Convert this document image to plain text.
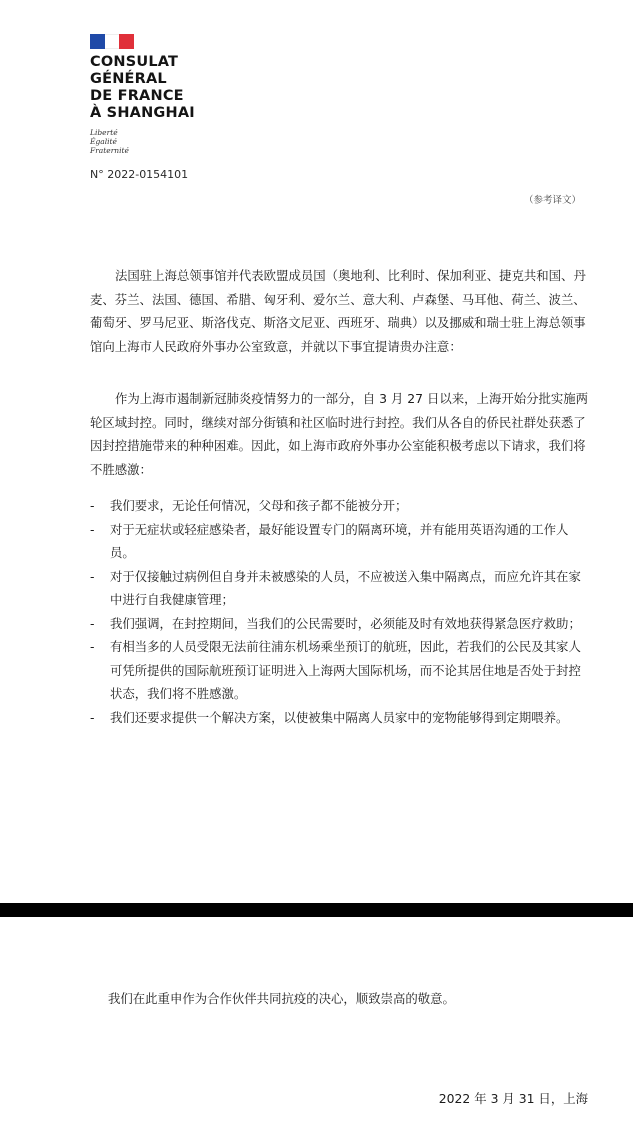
CONSULAT
GÉNÉRAL
DE FRANCE
À SHANGHAI
Liberté
Égalité
Fraternité
N° 2022-0154101
（参考译文）
法国驻上海总领事馆并代表欧盟成员国（奥地利、比利时、保加利亚、捷克共和国、丹麦、芬兰、法国、德国、希腊、匈牙利、爱尔兰、意大利、卢森堡、马耳他、荷兰、波兰、葡萄牙、罗马尼亚、斯洛伐克、斯洛文尼亚、西班牙、瑞典）以及挪威和瑞士驻上海总领事馆向上海市人民政府外事办公室致意，并就以下事宜提请贵办注意：
作为上海市遏制新冠肺炎疫情努力的一部分，自 3 月 27 日以来，上海开始分批实施两轮区域封控。同时，继续对部分街镇和社区临时进行封控。我们从各自的侨民社群处获悉了因封控措施带来的种种困难。因此，如上海市政府外事办公室能积极考虑以下请求，我们将不胜感激：
-	我们要求，无论任何情况，父母和孩子都不能被分开；
-	对于无症状或轻症感染者，最好能设置专门的隔离环境，并有能用英语沟通的工作人员。
-	对于仅接触过病例但自身并未被感染的人员，不应被送入集中隔离点，而应允许其在家中进行自我健康管理；
-	我们强调，在封控期间，当我们的公民需要时，必须能及时有效地获得紧急医疗救助；
-	有相当多的人员受限无法前往浦东机场乘坐预订的航班，因此，若我们的公民及其家人可凭所提供的国际航班预订证明进入上海两大国际机场，而不论其居住地是否处于封控状态，我们将不胜感激。
-	我们还要求提供一个解决方案，以使被集中隔离人员家中的宠物能够得到定期喂养。
我们在此重申作为合作伙伴共同抗疫的决心，顺致崇高的敬意。
2022 年 3 月 31 日，上海
